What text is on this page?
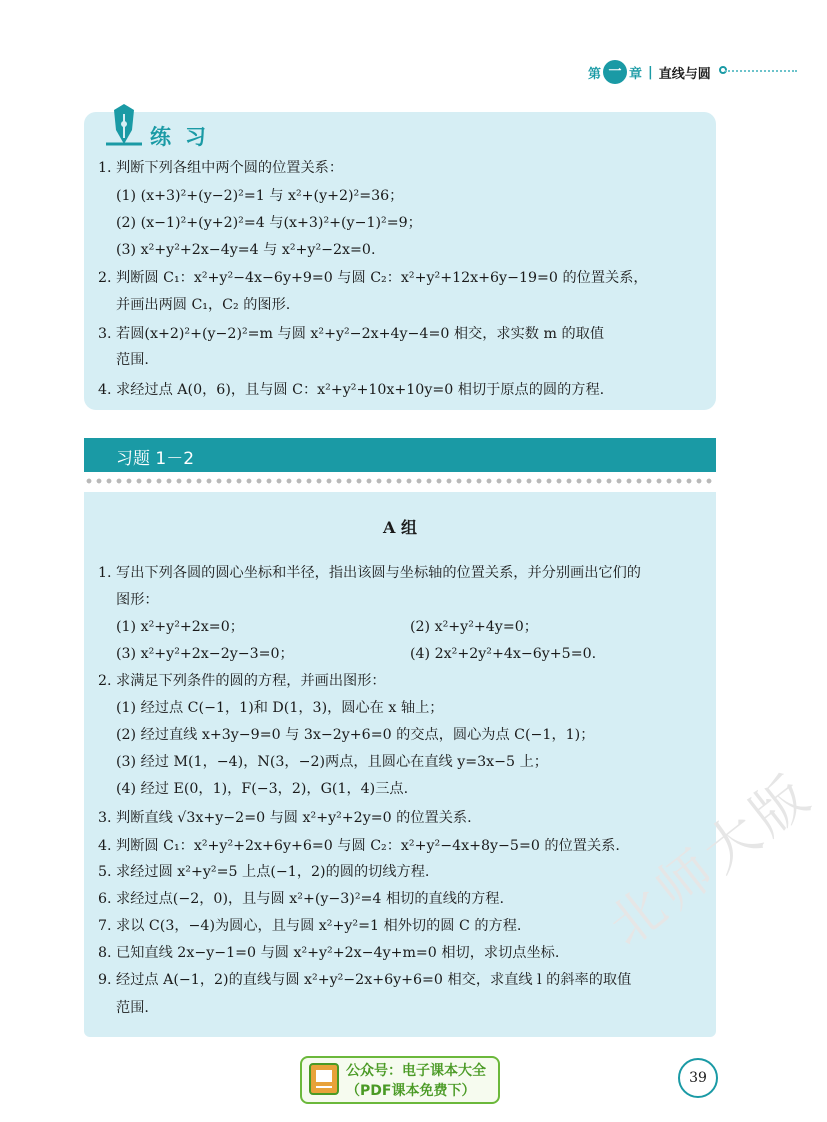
第 一 章 | 直线与圆
练习
1. 判断下列各组中两个圆的位置关系：
(1) (x+3)²+(y−2)²=1 与 x²+(y+2)²=36；
(2) (x−1)²+(y+2)²=4 与(x+3)²+(y−1)²=9；
(3) x²+y²+2x−4y=4 与 x²+y²−2x=0.
2. 判断圆 C₁：x²+y²−4x−6y+9=0 与圆 C₂：x²+y²+12x+6y−19=0 的位置关系，
并画出两圆 C₁，C₂ 的图形.
3. 若圆(x+2)²+(y−2)²=m 与圆 x²+y²−2x+4y−4=0 相交，求实数 m 的取值
范围.
4. 求经过点 A(0，6)，且与圆 C：x²+y²+10x+10y=0 相切于原点的圆的方程.
习题 1－2
A 组
1. 写出下列各圆的圆心坐标和半径，指出该圆与坐标轴的位置关系，并分别画出它们的
图形：
(1) x²+y²+2x=0；	(2) x²+y²+4y=0；
(3) x²+y²+2x−2y−3=0；	(4) 2x²+2y²+4x−6y+5=0.
2. 求满足下列条件的圆的方程，并画出图形：
(1) 经过点 C(−1，1)和 D(1，3)，圆心在 x 轴上；
(2) 经过直线 x+3y−9=0 与 3x−2y+6=0 的交点，圆心为点 C(−1，1)；
(3) 经过 M(1，−4)，N(3，−2)两点，且圆心在直线 y=3x−5 上；
(4) 经过 E(0，1)，F(−3，2)，G(1，4)三点.
3. 判断直线 √3x+y−2=0 与圆 x²+y²+2y=0 的位置关系.
4. 判断圆 C₁：x²+y²+2x+6y+6=0 与圆 C₂：x²+y²−4x+8y−5=0 的位置关系.
5. 求经过圆 x²+y²=5 上点(−1，2)的圆的切线方程.
6. 求经过点(−2，0)，且与圆 x²+(y−3)²=4 相切的直线的方程.
7. 求以 C(3，−4)为圆心，且与圆 x²+y²=1 相外切的圆 C 的方程.
8. 已知直线 2x−y−1=0 与圆 x²+y²+2x−4y+m=0 相切，求切点坐标.
9. 经过点 A(−1，2)的直线与圆 x²+y²−2x+6y+6=0 相交，求直线 l 的斜率的取值
范围.
北师大版
公众号：电子课本大全
（PDF课本免费下）
39
